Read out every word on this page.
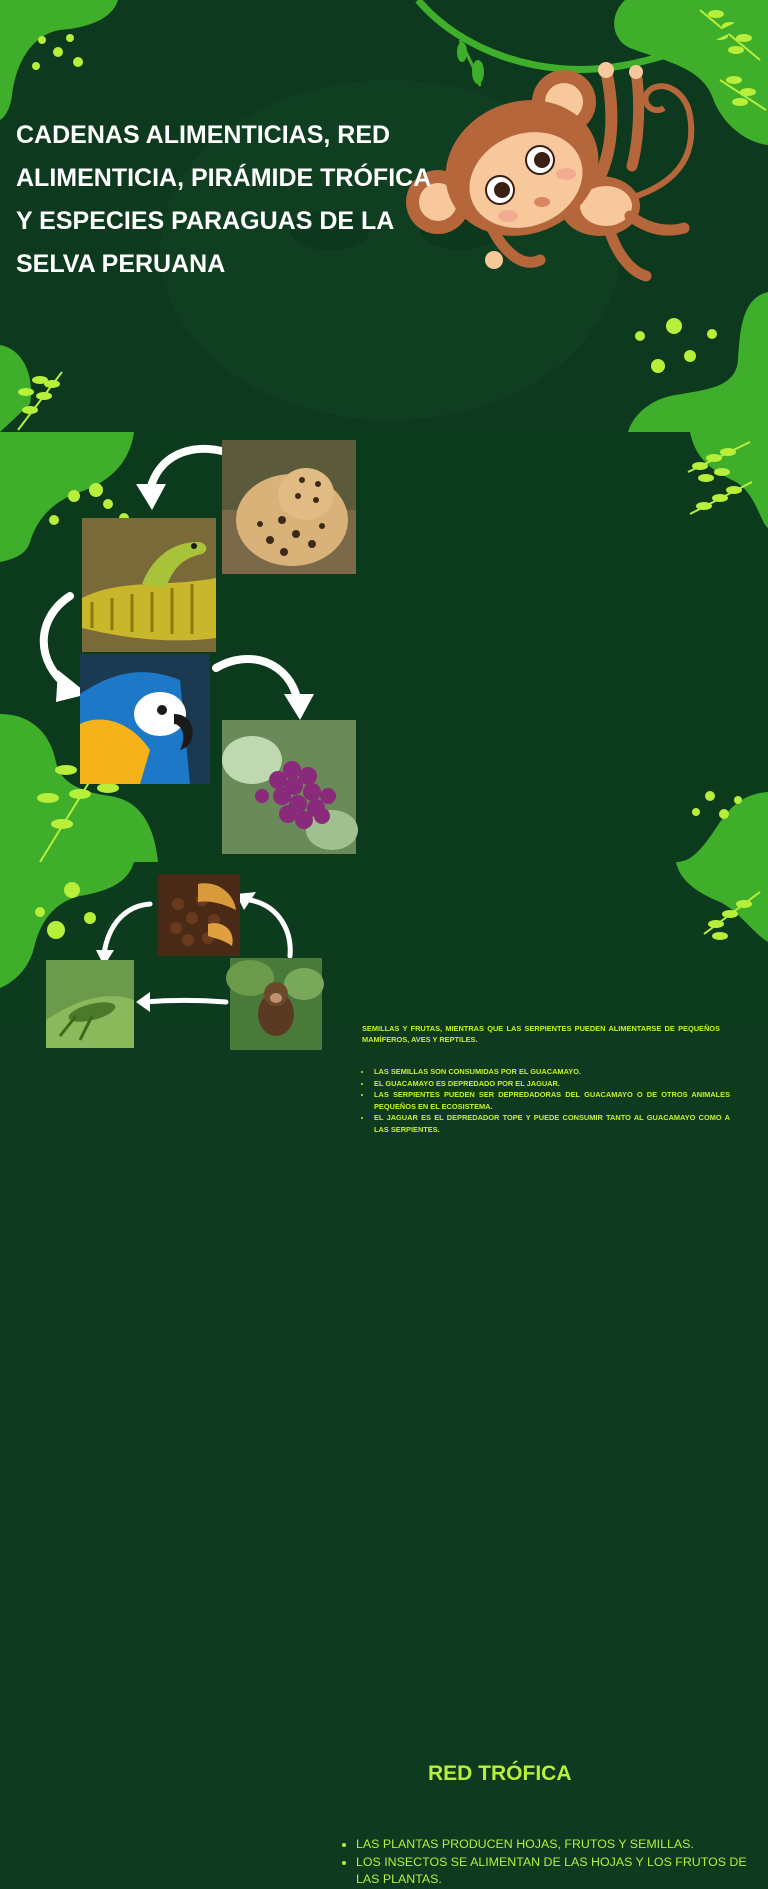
CADENAS ALIMENTICIAS, RED ALIMENTICIA, PIRÁMIDE TRÓFICA Y ESPECIES PARAGUAS DE LA SELVA PERUANA

SEMILLAS Y FRUTAS, MIENTRAS QUE LAS SERPIENTES PUEDEN ALIMENTARSE DE PEQUEÑOS MAMÍFEROS, AVES Y REPTILES.

• LAS SEMILLAS SON CONSUMIDAS POR EL GUACAMAYO.
• EL GUACAMAYO ES DEPREDADO POR EL JAGUAR.
• LAS SERPIENTES PUEDEN SER DEPREDADORAS DEL GUACAMAYO O DE OTROS ANIMALES PEQUEÑOS EN EL ECOSISTEMA.
• EL JAGUAR ES EL DEPREDADOR TOPE Y PUEDE CONSUMIR TANTO AL GUACAMAYO COMO A LAS SERPIENTES.
RED TRÓFICA
• LAS PLANTAS PRODUCEN HOJAS, FRUTOS Y SEMILLAS.
• LOS INSECTOS SE ALIMENTAN DE LAS HOJAS Y LOS FRUTOS DE LAS PLANTAS.
